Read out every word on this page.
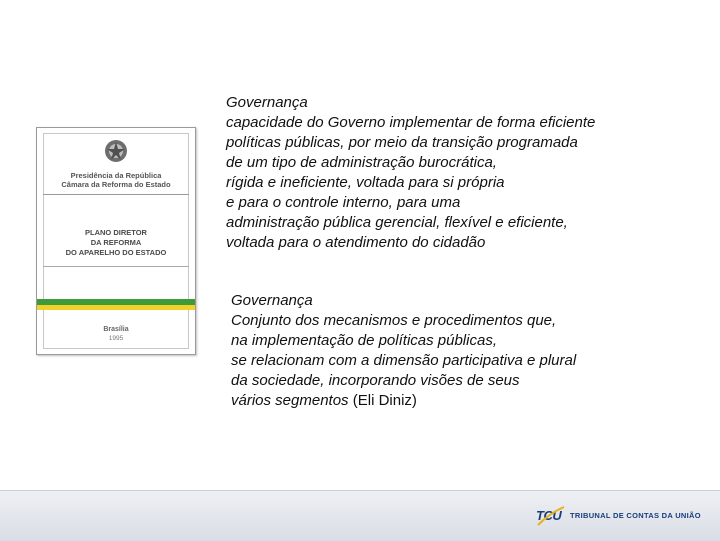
Presidência da República
Câmara da Reforma do Estado
PLANO DIRETOR
DA REFORMA
DO APARELHO DO ESTADO
Brasília
1995
Governança
capacidade do Governo implementar de forma eficiente
políticas públicas, por meio da transição programada
de um tipo de administração burocrática,
rígida e ineficiente, voltada para si própria
e para o controle interno, para uma
administração pública gerencial, flexível e eficiente,
voltada para o atendimento do cidadão
Governança
Conjunto dos mecanismos e procedimentos que,
na implementação de políticas públicas,
se relacionam com a dimensão participativa e plural
da sociedade, incorporando visões de seus
vários segmentos (Eli Diniz)
TCU TRIBUNAL DE CONTAS DA UNIÃO
